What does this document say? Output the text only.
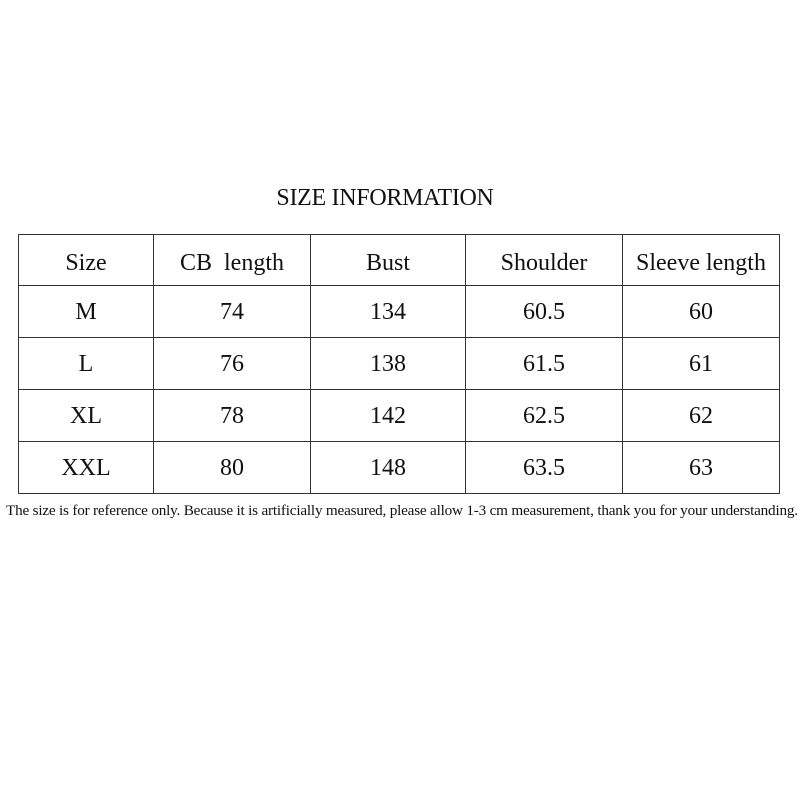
SIZE INFORMATION
Size	CB  length	Bust	Shoulder	Sleeve length
M	74	134	60.5	60
L	76	138	61.5	61
XL	78	142	62.5	62
XXL	80	148	63.5	63
The size is for reference only. Because it is artificially measured, please allow 1-3 cm measurement, thank you for your understanding.
